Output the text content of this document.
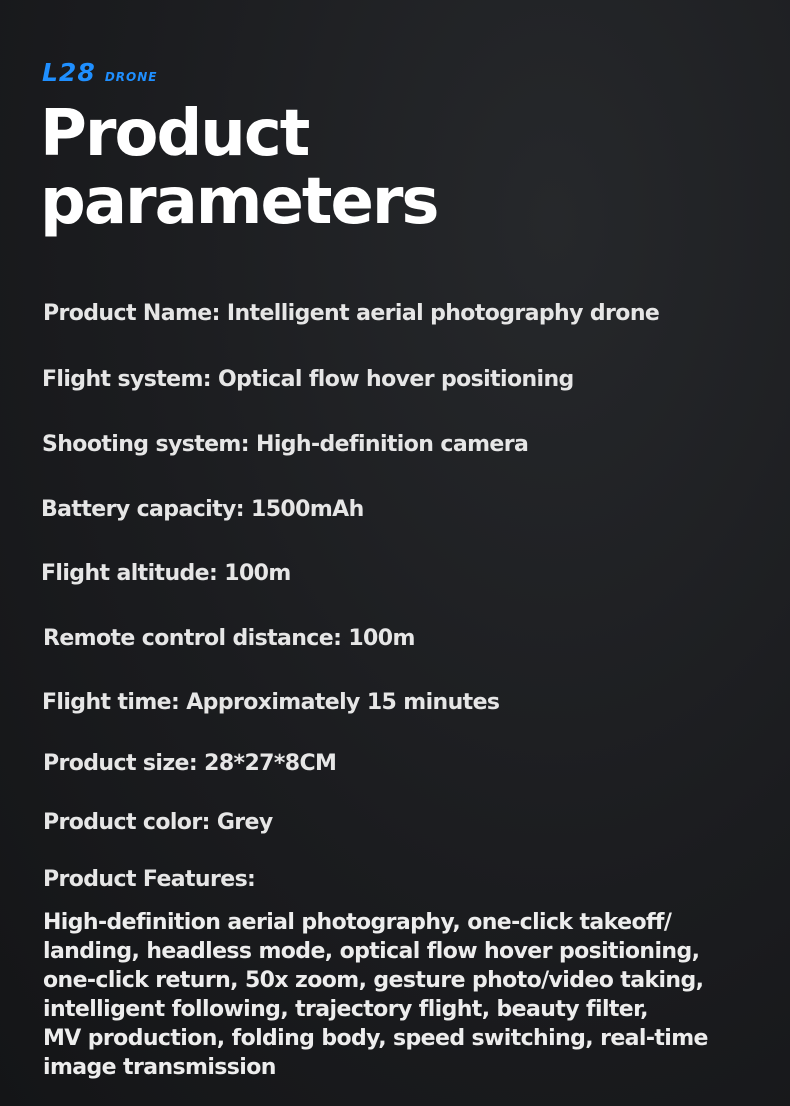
L28 DRONE
Product
parameters
Product Name: Intelligent aerial photography drone
Flight system: Optical flow hover positioning
Shooting system: High-definition camera
Battery capacity: 1500mAh
Flight altitude: 100m
Remote control distance: 100m
Flight time: Approximately 15 minutes
Product size: 28*27*8CM
Product color: Grey
Product Features:
High-definition aerial photography, one-click takeoff/
landing, headless mode, optical flow hover positioning,
one-click return, 50x zoom, gesture photo/video taking,
intelligent following, trajectory flight, beauty filter,
MV production, folding body, speed switching, real-time
image transmission
